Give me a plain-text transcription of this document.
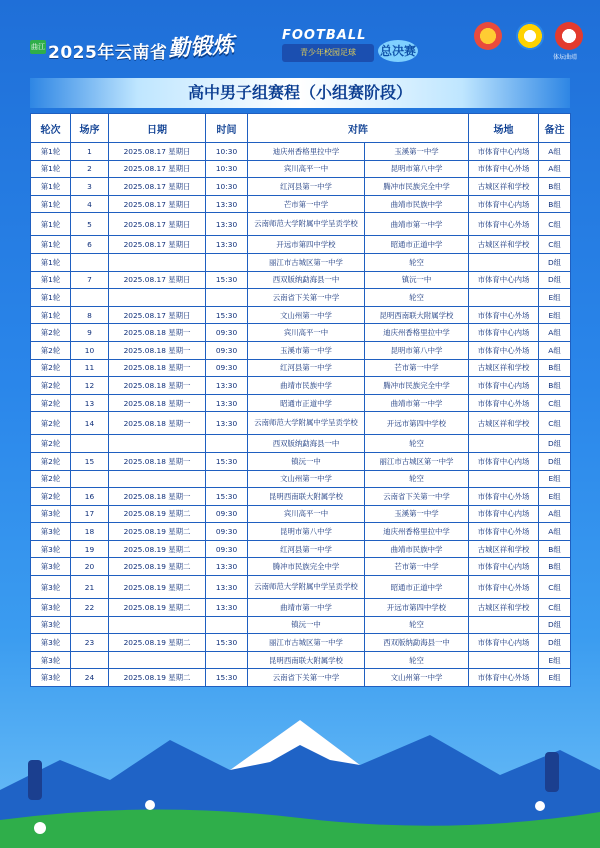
曲江 2025年云南省 勤锻炼	FOOTBALL
青少年校园足球	总决赛	体坛曲靖
高中男子组赛程（小组赛阶段）
轮次	场序	日期	时间	对阵		场地	备注
第1轮	1	2025.08.17 星期日	10:30	迪庆州香格里拉中学	玉溪第一中学	市体育中心内场	A组
第1轮	2	2025.08.17 星期日	10:30	宾川高平一中	昆明市第八中学	市体育中心外场	A组
第1轮	3	2025.08.17 星期日	10:30	红河县第一中学	腾冲市民族完全中学	古城区祥和学校	B组
第1轮	4	2025.08.17 星期日	13:30	芒市第一中学	曲靖市民族中学	市体育中心内场	B组
第1轮	5	2025.08.17 星期日	13:30	云南师范大学附属中学呈贡学校	曲靖市第一中学	市体育中心外场	C组
第1轮	6	2025.08.17 星期日	13:30	开远市第四中学校	昭通市正道中学	古城区祥和学校	C组
第1轮				丽江市古城区第一中学	轮空		D组
第1轮	7	2025.08.17 星期日	15:30	西双版纳勐海县一中	镇沅一中	市体育中心内场	D组
第1轮				云南省下关第一中学	轮空		E组
第1轮	8	2025.08.17 星期日	15:30	文山州第一中学	昆明西南联大附属学校	市体育中心外场	E组
第2轮	9	2025.08.18 星期一	09:30	宾川高平一中	迪庆州香格里拉中学	市体育中心内场	A组
第2轮	10	2025.08.18 星期一	09:30	玉溪市第一中学	昆明市第八中学	市体育中心外场	A组
第2轮	11	2025.08.18 星期一	09:30	红河县第一中学	芒市第一中学	古城区祥和学校	B组
第2轮	12	2025.08.18 星期一	13:30	曲靖市民族中学	腾冲市民族完全中学	市体育中心内场	B组
第2轮	13	2025.08.18 星期一	13:30	昭通市正道中学	曲靖市第一中学	市体育中心外场	C组
第2轮	14	2025.08.18 星期一	13:30	云南师范大学附属中学呈贡学校	开远市第四中学校	古城区祥和学校	C组
第2轮				西双版纳勐海县一中	轮空		D组
第2轮	15	2025.08.18 星期一	15:30	镇沅一中	丽江市古城区第一中学	市体育中心内场	D组
第2轮				文山州第一中学	轮空		E组
第2轮	16	2025.08.18 星期一	15:30	昆明西南联大附属学校	云南省下关第一中学	市体育中心外场	E组
第3轮	17	2025.08.19 星期二	09:30	宾川高平一中	玉溪第一中学	市体育中心内场	A组
第3轮	18	2025.08.19 星期二	09:30	昆明市第八中学	迪庆州香格里拉中学	市体育中心外场	A组
第3轮	19	2025.08.19 星期二	09:30	红河县第一中学	曲靖市民族中学	古城区祥和学校	B组
第3轮	20	2025.08.19 星期二	13:30	腾冲市民族完全中学	芒市第一中学	市体育中心内场	B组
第3轮	21	2025.08.19 星期二	13:30	云南师范大学附属中学呈贡学校	昭通市正道中学	市体育中心外场	C组
第3轮	22	2025.08.19 星期二	13:30	曲靖市第一中学	开远市第四中学校	古城区祥和学校	C组
第3轮				镇沅一中	轮空		D组
第3轮	23	2025.08.19 星期二	15:30	丽江市古城区第一中学	西双版纳勐海县一中	市体育中心内场	D组
第3轮				昆明西南联大附属学校	轮空		E组
第3轮	24	2025.08.19 星期二	15:30	云南省下关第一中学	文山州第一中学	市体育中心外场	E组
